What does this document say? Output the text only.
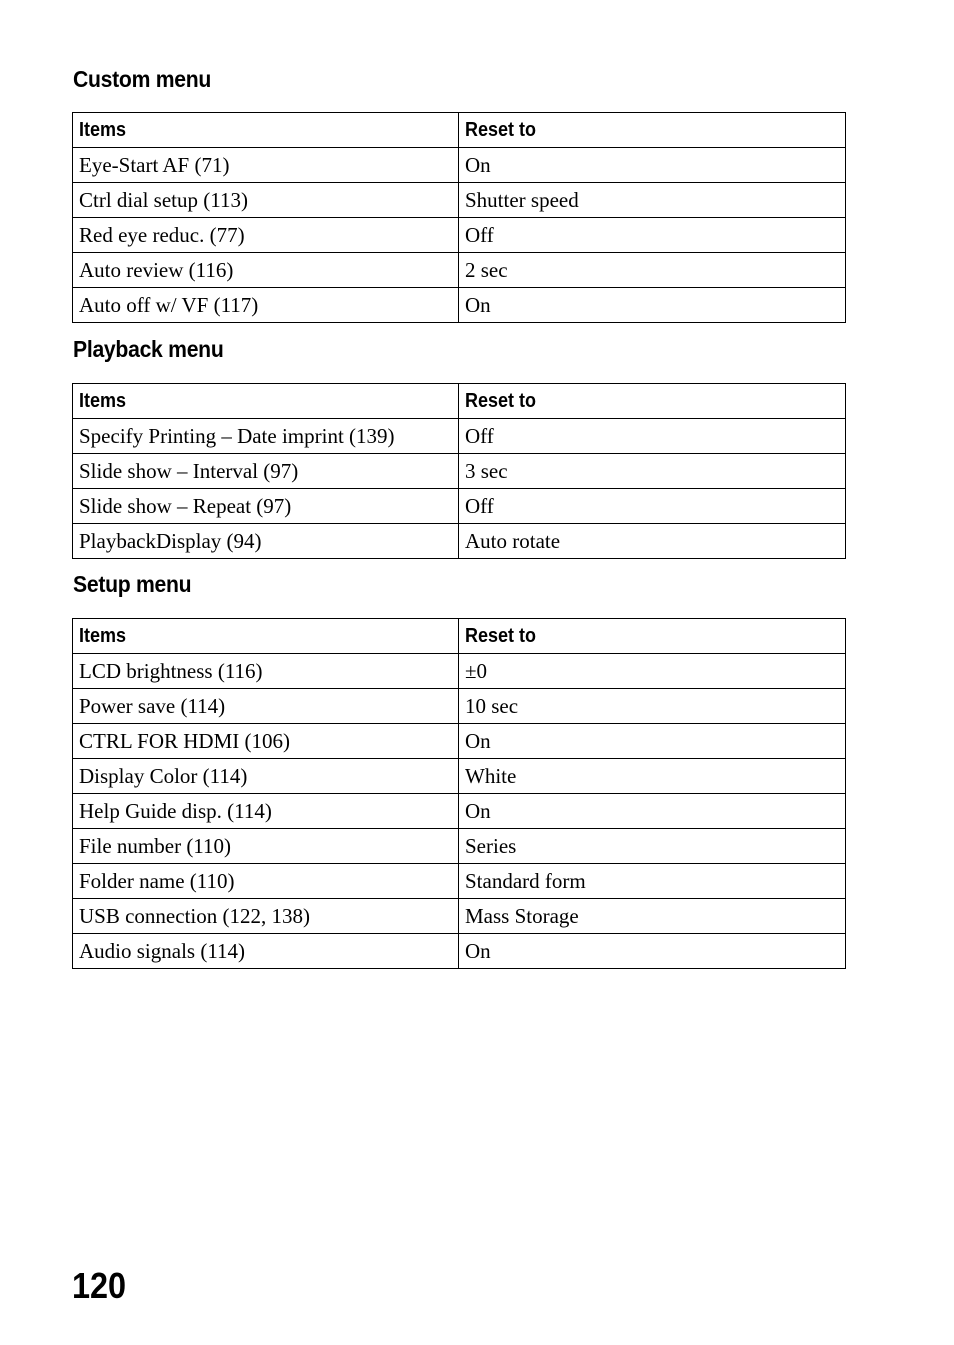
Custom menu
Items	Reset to
Eye-Start AF (71)	On
Ctrl dial setup (113)	Shutter speed
Red eye reduc. (77)	Off
Auto review (116)	2 sec
Auto off w/ VF (117)	On
Playback menu
Items	Reset to
Specify Printing – Date imprint (139)	Off
Slide show – Interval (97)	3 sec
Slide show – Repeat (97)	Off
PlaybackDisplay (94)	Auto rotate
Setup menu
Items	Reset to
LCD brightness (116)	±0
Power save (114)	10 sec
CTRL FOR HDMI (106)	On
Display Color (114)	White
Help Guide disp. (114)	On
File number (110)	Series
Folder name (110)	Standard form
USB connection (122, 138)	Mass Storage
Audio signals (114)	On
120
